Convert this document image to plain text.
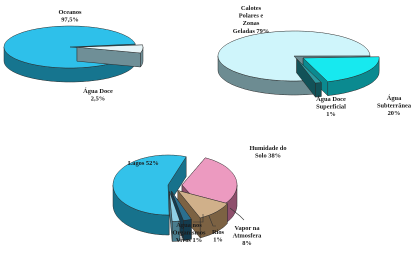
Oceanos 97,5%
Água Doce 2,5%
Calotes Polares e Zonas Geladas 79%
Água Doce Superficial 1%
Água Subterrânea 20%
Lagos 52%
Humidade do Solo 38%
Água nos Organismos Vivos 1%
Rios 1%
Vapor na Atmosfera 8%
